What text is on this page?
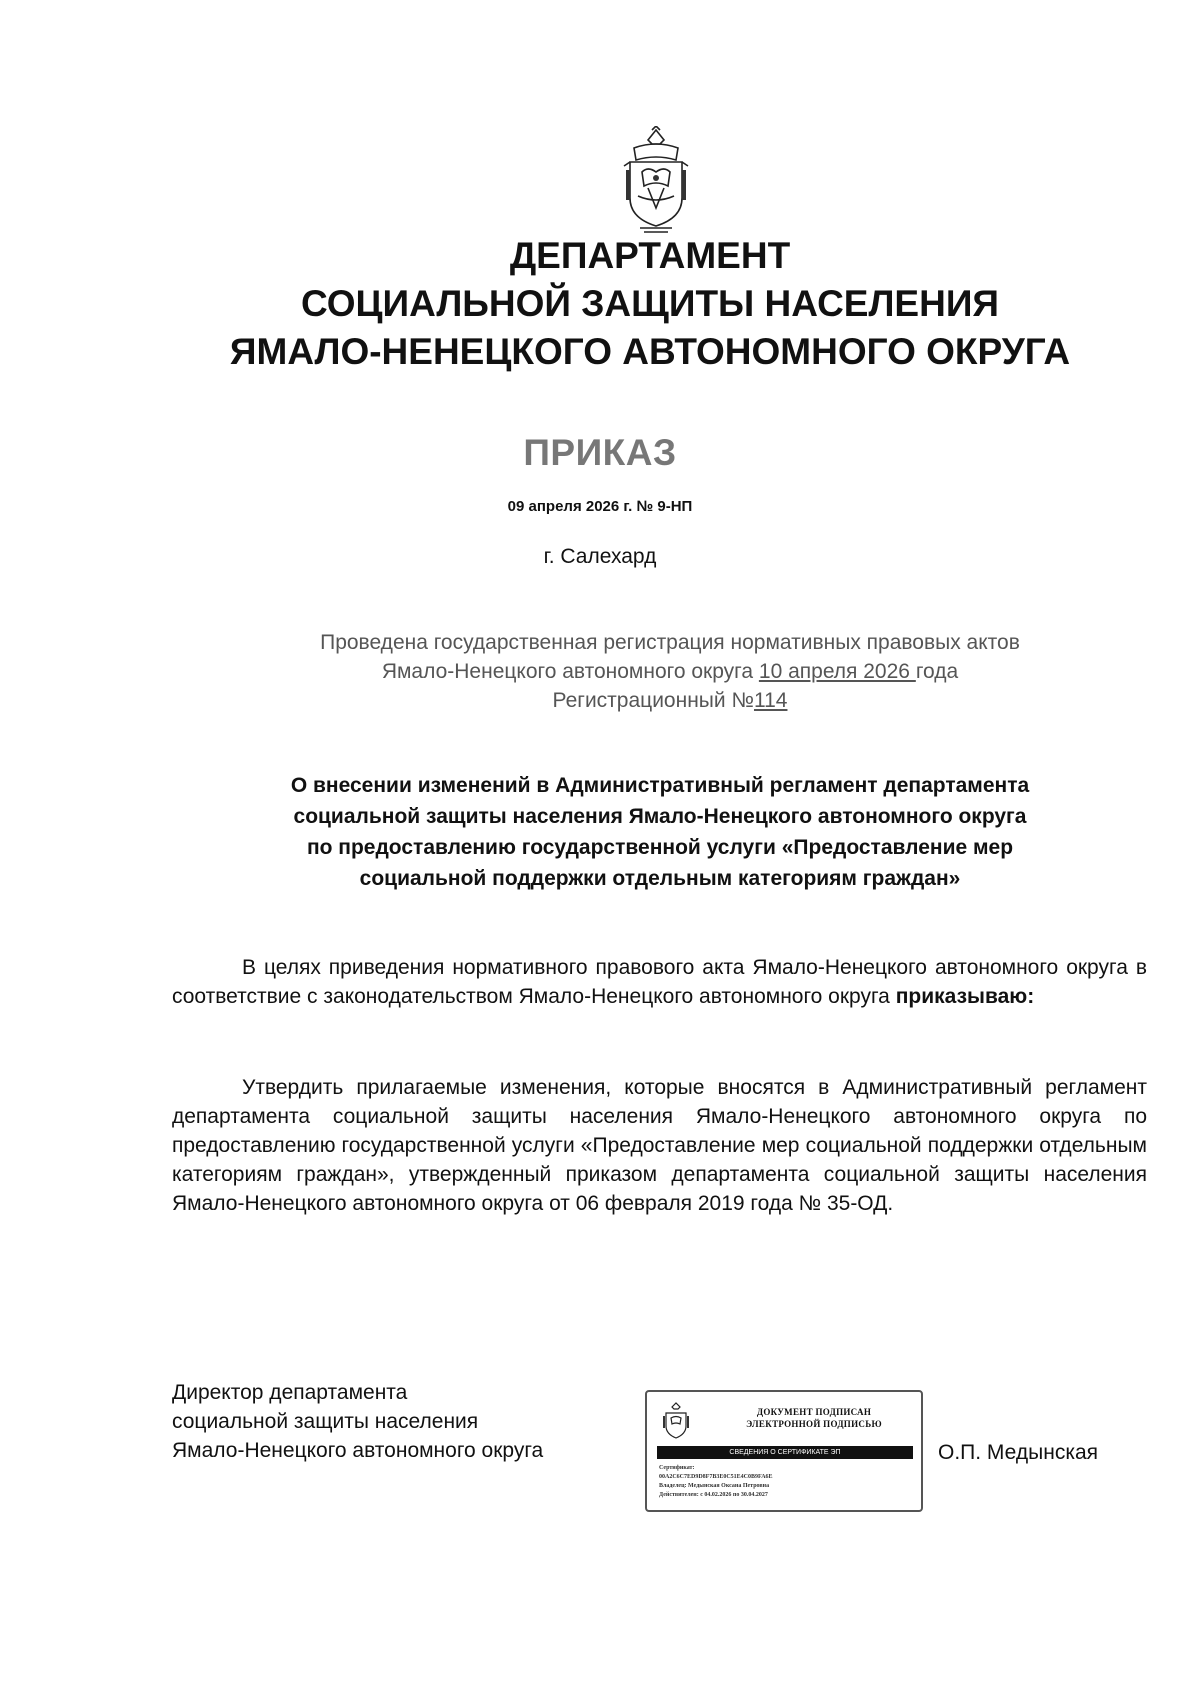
ДЕПАРТАМЕНТ
СОЦИАЛЬНОЙ ЗАЩИТЫ НАСЕЛЕНИЯ
ЯМАЛО-НЕНЕЦКОГО АВТОНОМНОГО ОКРУГА
ПРИКАЗ
09 апреля 2026 г. № 9-НП
г. Салехард
Проведена государственная регистрация нормативных правовых актов
Ямало-Ненецкого автономного округа 10 апреля 2026 года
Регистрационный №114
О внесении изменений в Административный регламент департамента
социальной защиты населения Ямало-Ненецкого автономного округа
по предоставлению государственной услуги «Предоставление мер
социальной поддержки отдельным категориям граждан»
В целях приведения нормативного правового акта Ямало-Ненецкого автономного округа в соответствие с законодательством Ямало-Ненецкого автономного округа приказываю:
Утвердить прилагаемые изменения, которые вносятся в Административный регламент департамента социальной защиты населения Ямало-Ненецкого автономного округа по предоставлению государственной услуги «Предоставление мер социальной поддержки отдельным категориям граждан», утвержденный приказом департамента социальной защиты населения Ямало-Ненецкого автономного округа от 06 февраля 2019 года № 35-ОД.
Директор департамента
социальной защиты населения
Ямало-Ненецкого автономного округа
ДОКУМЕНТ ПОДПИСАН
ЭЛЕКТРОННОЙ ПОДПИСЬЮ
СВЕДЕНИЯ О СЕРТИФИКАТЕ ЭП
Сертификат:
00A2C6C7ED9D8F7B3E0C51E4C0B9FA6E
Владелец: Медынская Оксана Петровна
Действителен: с 04.02.2026 по 30.04.2027
О.П. Медынская
